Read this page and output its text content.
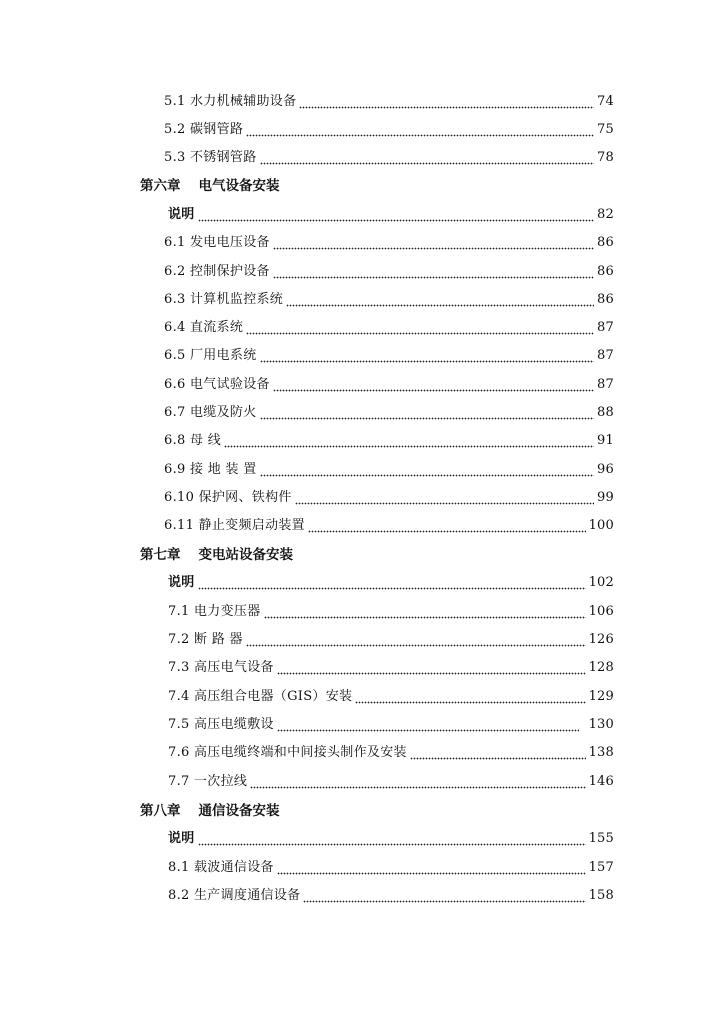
5.1 水力机械辅助设备	74
5.2 碳钢管路	75
5.3 不锈钢管路	78
第六章 电气设备安装
说明	82
6.1 发电电压设备	86
6.2 控制保护设备	86
6.3 计算机监控系统	86
6.4 直流系统	87
6.5 厂用电系统	87
6.6 电气试验设备	87
6.7 电缆及防火	88
6.8 母 线	91
6.9 接 地 装 置	96
6.10 保护网、铁构件	99
6.11 静止变频启动装置	100
第七章 变电站设备安装
说明	102
7.1 电力变压器	106
7.2 断 路 器	126
7.3 高压电气设备	128
7.4 高压组合电器（GIS）安装	129
7.5 高压电缆敷设	130
7.6 高压电缆终端和中间接头制作及安装	138
7.7 一次拉线	146
第八章 通信设备安装
说明	155
8.1 载波通信设备	157
8.2 生产调度通信设备	158
